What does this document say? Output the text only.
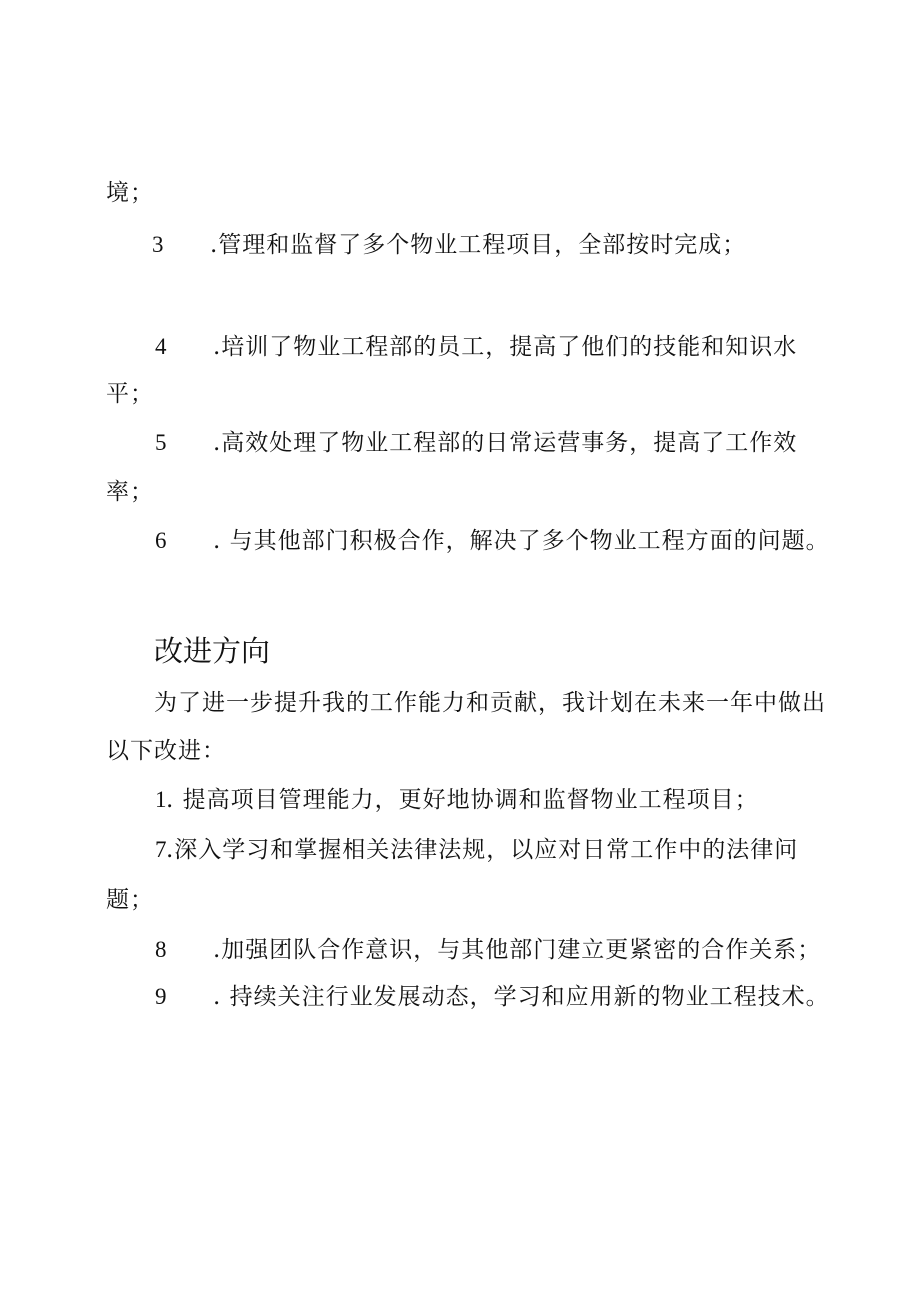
境；
3 .管理和监督了多个物业工程项目，全部按时完成；
4 .培训了物业工程部的员工，提高了他们的技能和知识水
平；
5 .高效处理了物业工程部的日常运营事务，提高了工作效
率；
6 . 与其他部门积极合作，解决了多个物业工程方面的问题。
改进方向
为了进一步提升我的工作能力和贡献，我计划在未来一年中做出
以下改进：
1 . 提高项目管理能力，更好地协调和监督物业工程项目；
7 .深入学习和掌握相关法律法规，以应对日常工作中的法律问
题；
8 .加强团队合作意识，与其他部门建立更紧密的合作关系；
9 . 持续关注行业发展动态，学习和应用新的物业工程技术。
